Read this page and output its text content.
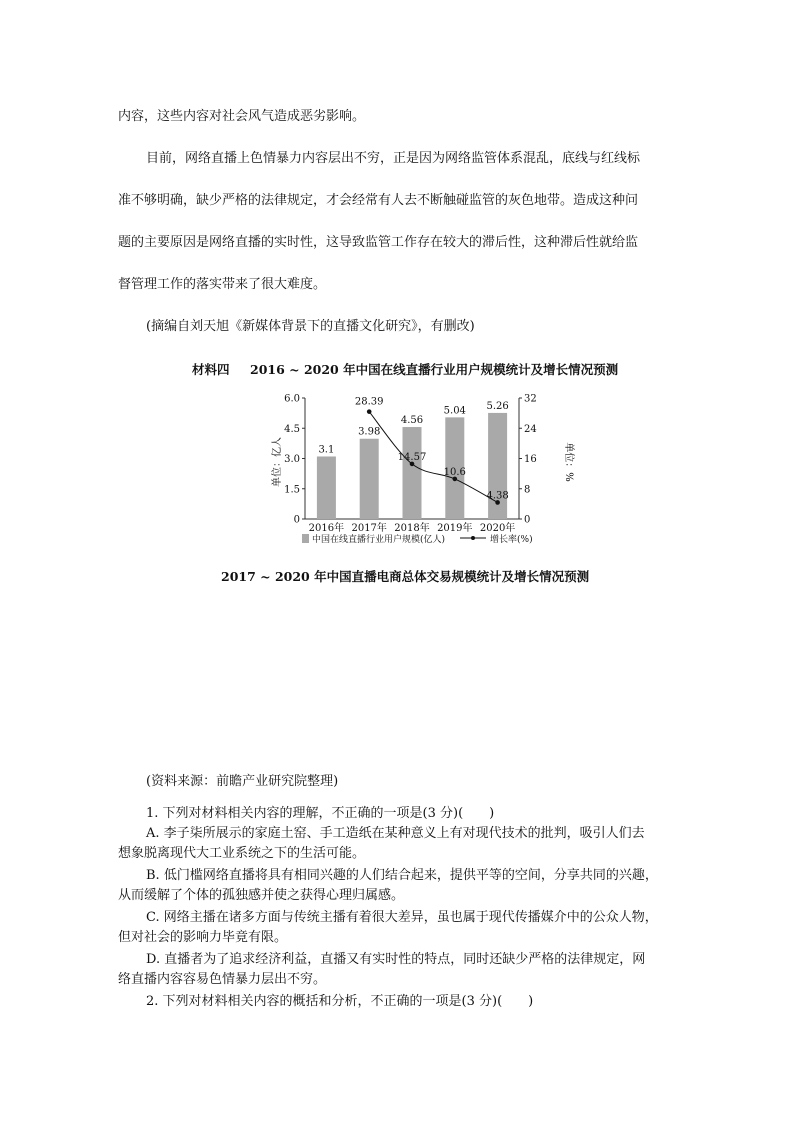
内容，这些内容对社会风气造成恶劣影响。
目前，网络直播上色情暴力内容层出不穷，正是因为网络监管体系混乱，底线与红线标
准不够明确，缺少严格的法律规定，才会经常有人去不断触碰监管的灰色地带。造成这种问
题的主要原因是网络直播的实时性，这导致监管工作存在较大的滞后性，这种滞后性就给监
督管理工作的落实带来了很大难度。
(摘编自刘天旭《新媒体背景下的直播文化研究》，有删改)
材料四 2016 ~ 2020 年中国在线直播行业用户规模统计及增长情况预测
单位：亿人	单位：%
0
1.5
3.0
4.5
6.0
0
8
16
24
32
3.1
3.98
4.56
5.04 5.26
2016年 2017年 2018年 2019年 2020年
28.39
14.57
10.6
4.38
中国在线直播行业用户规模(亿人)	增长率(%)
2017 ~ 2020 年中国直播电商总体交易规模统计及增长情况预测
(资料来源：前瞻产业研究院整理)
1. 下列对材料相关内容的理解，不正确的一项是(3 分)(　　)
A. 李子柒所展示的家庭土窑、手工造纸在某种意义上有对现代技术的批判，吸引人们去
想象脱离现代大工业系统之下的生活可能。
B. 低门槛网络直播将具有相同兴趣的人们结合起来，提供平等的空间，分享共同的兴趣，
从而缓解了个体的孤独感并使之获得心理归属感。
C. 网络主播在诸多方面与传统主播有着很大差异，虽也属于现代传播媒介中的公众人物，
但对社会的影响力毕竟有限。
D. 直播者为了追求经济利益，直播又有实时性的特点，同时还缺少严格的法律规定，网
络直播内容容易色情暴力层出不穷。
2. 下列对材料相关内容的概括和分析，不正确的一项是(3 分)(　　)
